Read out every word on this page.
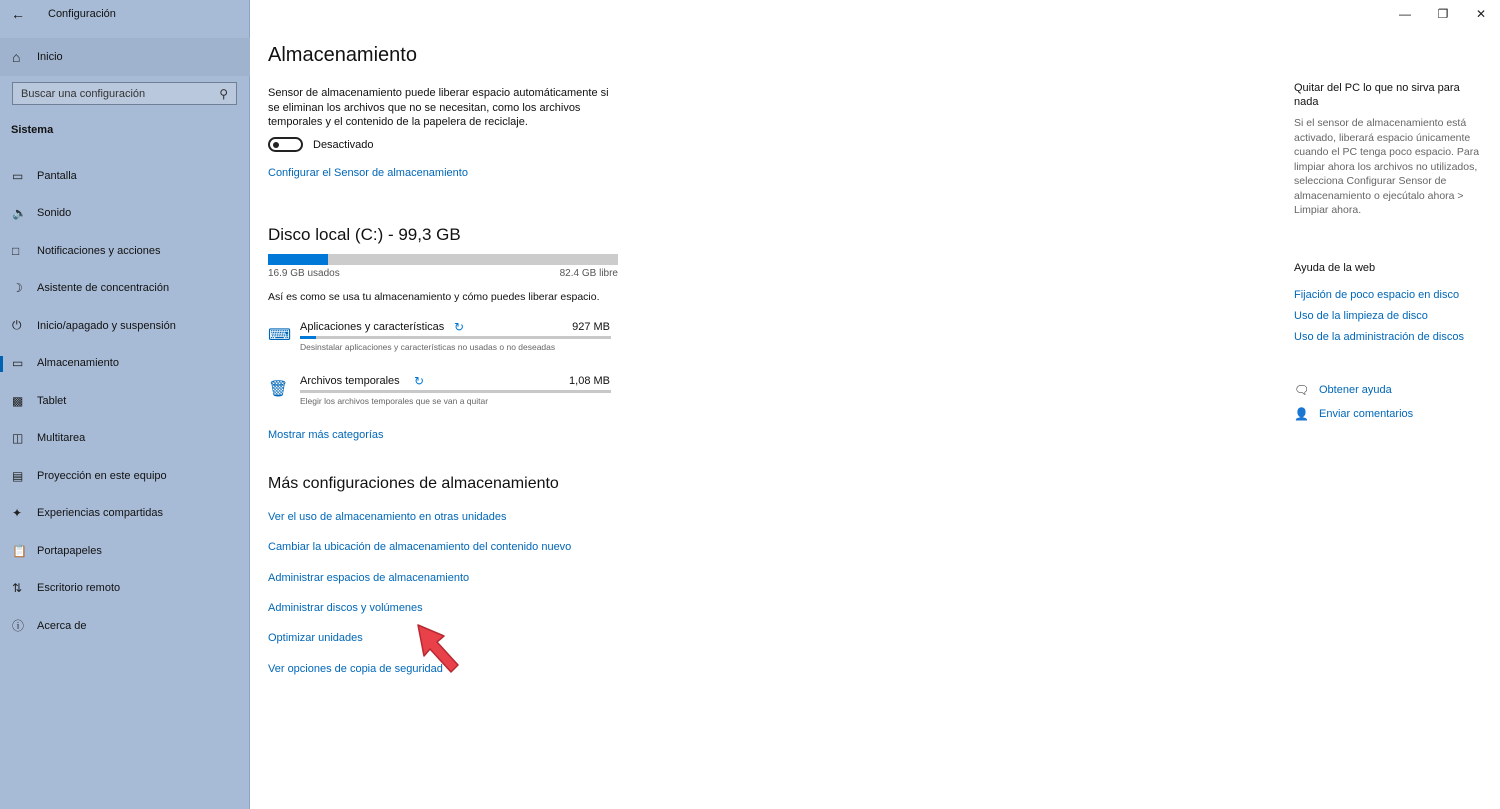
←	Configuración
⌂	Inicio
Buscar una configuración	⚲
Sistema
▭	Pantalla
🔈 Sonido
□	Notificaciones y acciones
☽	Asistente de concentración
⏻	Inicio/apagado y suspensión
▭	Almacenamiento
▩	Tablet
◫	Multitarea
▤	Proyección en este equipo
✦	Experiencias compartidas
📋 Portapapeles
⇅	Escritorio remoto
ⓘ	Acerca de
—	❐	✕
Almacenamiento
Sensor de almacenamiento puede liberar espacio automáticamente si se eliminan los archivos que no se necesitan, como los archivos temporales y el contenido de la papelera de reciclaje.
Desactivado
Configurar el Sensor de almacenamiento
Disco local (C:) - 99,3 GB
16.9 GB usados	82.4 GB libre
Así es como se usa tu almacenamiento y cómo puedes liberar espacio.
⌨ Aplicaciones y características ↻	927 MB
Desinstalar aplicaciones y características no usadas o no deseadas
🗑 Archivos temporales ↻	1,08 MB
Elegir los archivos temporales que se van a quitar
Mostrar más categorías
Más configuraciones de almacenamiento
Ver el uso de almacenamiento en otras unidades
Cambiar la ubicación de almacenamiento del contenido nuevo
Administrar espacios de almacenamiento
Administrar discos y volúmenes
Optimizar unidades
Ver opciones de copia de seguridad
Quitar del PC lo que no sirva para nada
Si el sensor de almacenamiento está activado, liberará espacio únicamente cuando el PC tenga poco espacio. Para limpiar ahora los archivos no utilizados, selecciona Configurar Sensor de almacenamiento o ejecútalo ahora > Limpiar ahora.
Ayuda de la web
Fijación de poco espacio en disco
Uso de la limpieza de disco
Uso de la administración de discos
🗨 Obtener ayuda
👤 Enviar comentarios
